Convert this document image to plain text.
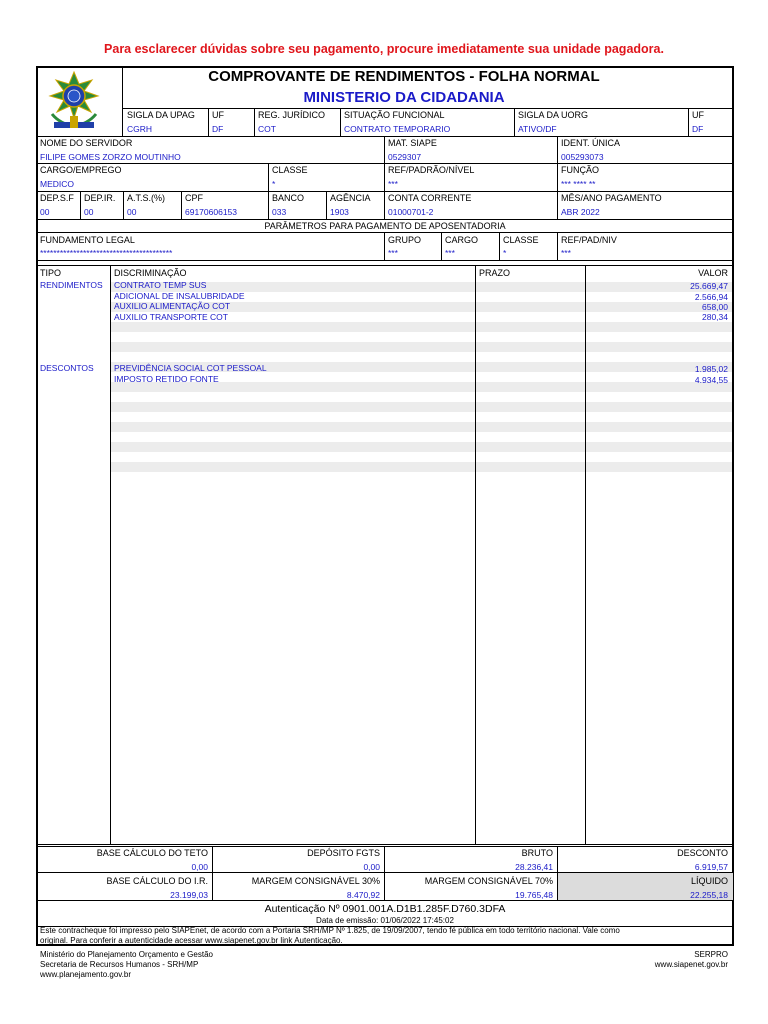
Para esclarecer dúvidas sobre seu pagamento, procure imediatamente sua unidade pagadora.
COMPROVANTE DE RENDIMENTOS - FOLHA NORMAL
MINISTERIO DA CIDADANIA
SIGLA DA UPAG
CGRH
UF
DF
REG. JURÍDICO
COT
SITUAÇÃO FUNCIONAL
CONTRATO TEMPORARIO
SIGLA DA UORG
ATIVO/DF
UF
DF
NOME DO SERVIDOR
FILIPE GOMES ZORZO MOUTINHO
MAT. SIAPE
0529307
IDENT. ÚNICA
005293073
CARGO/EMPREGO
MEDICO
CLASSE
*
REF/PADRÃO/NÍVEL
***
FUNÇÃO
*** **** **
DEP.S.F
00
DEP.IR.
00
A.T.S.(%)
00
CPF
69170606153
BANCO
033
AGÊNCIA
1903
CONTA CORRENTE
01000701-2
MÊS/ANO PAGAMENTO
ABR 2022
PARÂMETROS PARA PAGAMENTO DE APOSENTADORIA
FUNDAMENTO LEGAL
****************************************
GRUPO
***
CARGO
***
CLASSE
*
REF/PAD/NIV
***
TIPO	DISCRIMINAÇÃO	PRAZO	VALOR
RENDIMENTOS CONTRATO TEMP SUS	25.669,47
ADICIONAL DE INSALUBRIDADE	2.566,94
AUXILIO ALIMENTAÇÃO COT	658,00
AUXILIO TRANSPORTE COT	280,34
DESCONTOS PREVIDÊNCIA SOCIAL COT PESSOAL	1.985,02
IMPOSTO RETIDO FONTE	4.934,55
BASE CÁLCULO DO TETO
0,00
DEPÓSITO FGTS
0,00
BRUTO
28.236,41
DESCONTO
6.919,57
BASE CÁLCULO DO I.R.
23.199,03
MARGEM CONSIGNÁVEL 30%
8.470,92
MARGEM CONSIGNÁVEL 70%
19.765,48
LÍQUIDO
22.255,18
Autenticação Nº 0901.001A.D1B1.285F.D760.3DFA
Data de emissão: 01/06/2022 17:45:02
Este contracheque foi impresso pelo SIAPEnet, de acordo com a Portaria SRH/MP Nº 1.825, de 19/09/2007, tendo fé pública em todo território nacional. Vale como
original. Para conferir a autenticidade acessar www.siapenet.gov.br link Autenticação.
Ministério do Planejamento Orçamento e Gestão
Secretaria de Recursos Humanos - SRH/MP
www.planejamento.gov.br
SERPRO
www.siapenet.gov.br
